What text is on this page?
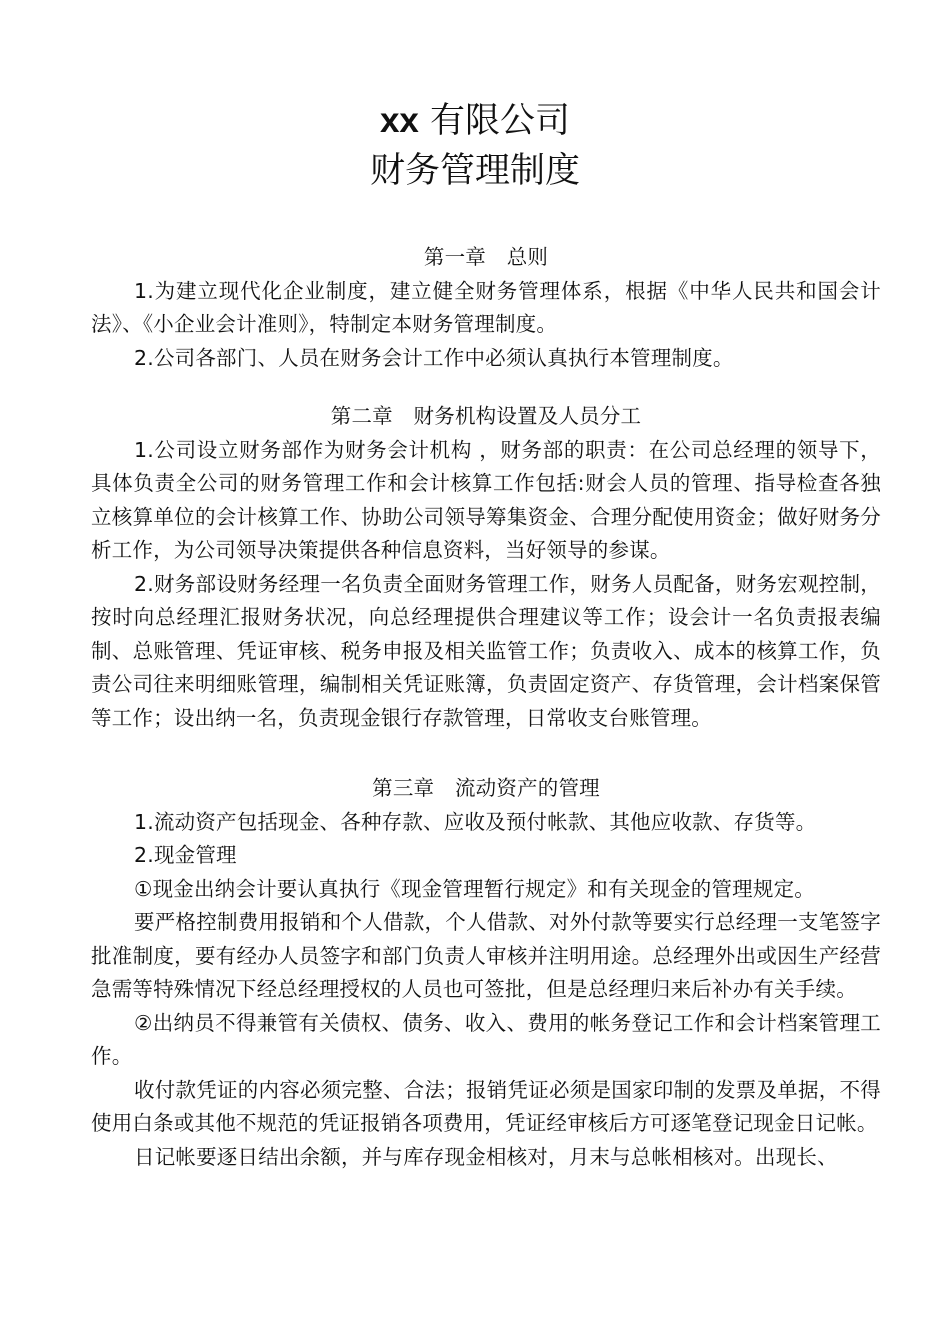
xx 有限公司
财务管理制度

第一章　总则

1.为建立现代化企业制度，建立健全财务管理体系，根据《中华人民共和国会计法》、《小企业会计准则》，特制定本财务管理制度。

2.公司各部门、人员在财务会计工作中必须认真执行本管理制度。

第二章　财务机构设置及人员分工

1.公司设立财务部作为财务会计机构 ，财务部的职责：在公司总经理的领导下，具体负责全公司的财务管理工作和会计核算工作包括:财会人员的管理、指导检查各独立核算单位的会计核算工作、协助公司领导筹集资金、合理分配使用资金；做好财务分析工作，为公司领导决策提供各种信息资料，当好领导的参谋。

2.财务部设财务经理一名负责全面财务管理工作，财务人员配备，财务宏观控制，按时向总经理汇报财务状况，向总经理提供合理建议等工作；设会计一名负责报表编制、总账管理、凭证审核、税务申报及相关监管工作；负责收入、成本的核算工作，负责公司往来明细账管理，编制相关凭证账簿，负责固定资产、存货管理，会计档案保管等工作；设出纳一名，负责现金银行存款管理，日常收支台账管理。

第三章　流动资产的管理

1.流动资产包括现金、各种存款、应收及预付帐款、其他应收款、存货等。

2.现金管理

①现金出纳会计要认真执行《现金管理暂行规定》和有关现金的管理规定。

要严格控制费用报销和个人借款，个人借款、对外付款等要实行总经理一支笔签字批准制度，要有经办人员签字和部门负责人审核并注明用途。总经理外出或因生产经营急需等特殊情况下经总经理授权的人员也可签批，但是总经理归来后补办有关手续。

②出纳员不得兼管有关债权、债务、收入、费用的帐务登记工作和会计档案管理工作。

收付款凭证的内容必须完整、合法；报销凭证必须是国家印制的发票及单据，不得使用白条或其他不规范的凭证报销各项费用，凭证经审核后方可逐笔登记现金日记帐。

日记帐要逐日结出余额，并与库存现金相核对，月末与总帐相核对。出现长、
